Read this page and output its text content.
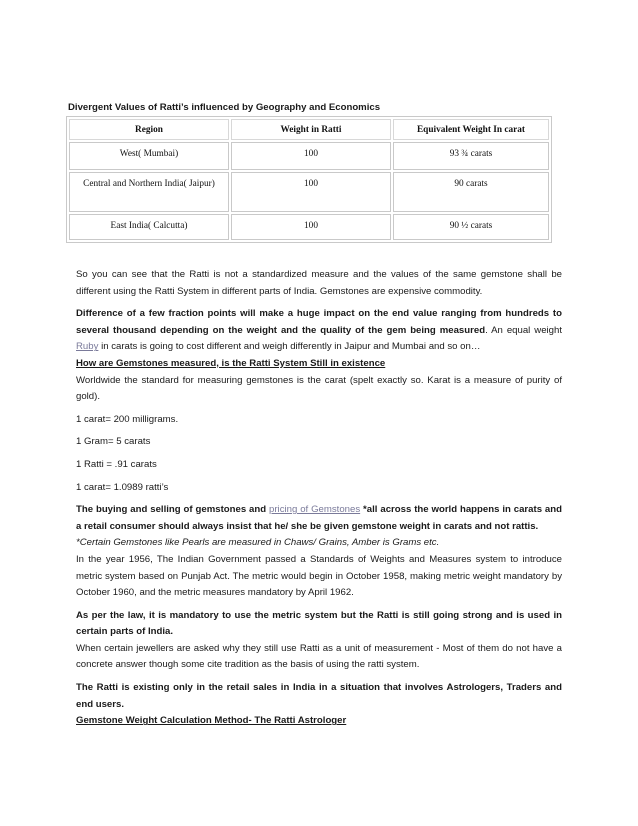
Divergent Values of Ratti’s influenced by Geography and Economics
Region	Weight in Ratti	Equivalent Weight In carat
West( Mumbai)	100	93 ¾ carats
Central and Northern India( Jaipur)	100	90 carats
East India( Calcutta)	100	90 ½ carats

So you can see that the Ratti is not a standardized measure and the values of the same gemstone shall be different using the Ratti System in different parts of India. Gemstones are expensive commodity.

Difference of a few fraction points will make a huge impact on the end value ranging from hundreds to several thousand depending on the weight and the quality of the gem being measured. An equal weight Ruby in carats is going to cost different and weigh differently in Jaipur and Mumbai and so on…

How are Gemstones measured, is the Ratti System Still in existence

Worldwide the standard for measuring gemstones is the carat (spelt exactly so. Karat is a measure of purity of gold).

1 carat= 200 milligrams.

1 Gram= 5 carats

1 Ratti = .91 carats

1 carat= 1.0989 ratti’s

The buying and selling of gemstones and pricing of Gemstones *all across the world happens in carats and a retail consumer should always insist that he/ she be given gemstone weight in carats and not rattis.

*Certain Gemstones like Pearls are measured in Chaws/ Grains, Amber is Grams etc.

In the year 1956, The Indian Government passed a Standards of Weights and Measures system to introduce metric system based on Punjab Act. The metric would begin in October 1958, making metric weight mandatory by October 1960, and the metric measures mandatory by April 1962.

As per the law, it is mandatory to use the metric system but the Ratti is still going strong and is used in certain parts of India.

When certain jewellers are asked why they still use Ratti as a unit of measurement - Most of them do not have a concrete answer though some cite tradition as the basis of using the ratti system.

The Ratti is existing only in the retail sales in India in a situation that involves Astrologers, Traders and end users.

Gemstone Weight Calculation Method- The Ratti Astrologer
